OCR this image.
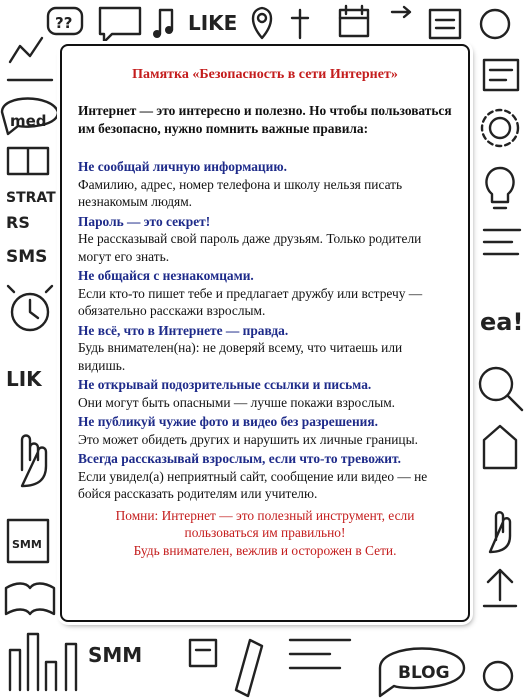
??	LIKE
med
STRAT
RS
SMS
LIK
SMM
SMM
BLOG
ea!
Памятка «Безопасность в сети Интернет»
Интернет — это интересно и полезно. Но чтобы пользоваться им безопасно, нужно помнить важные правила:
Не сообщай личную информацию.
Фамилию, адрес, номер телефона и школу нельзя писать незнакомым людям.
Пароль — это секрет!
Не рассказывай свой пароль даже друзьям. Только родители могут его знать.
Не общайся с незнакомцами.
Если кто-то пишет тебе и предлагает дружбу или встречу — обязательно расскажи взрослым.
Не всё, что в Интернете — правда.
Будь внимателен(на): не доверяй всему, что читаешь или видишь.
Не открывай подозрительные ссылки и письма.
Они могут быть опасными — лучше покажи взрослым.
Не публикуй чужие фото и видео без разрешения.
Это может обидеть других и нарушить их личные границы.
Всегда рассказывай взрослым, если что-то тревожит.
Если увидел(а) неприятный сайт, сообщение или видео — не бойся рассказать родителям или учителю.
Помни: Интернет — это полезный инструмент, если пользоваться им правильно!
Будь внимателен, вежлив и осторожен в Сети.
